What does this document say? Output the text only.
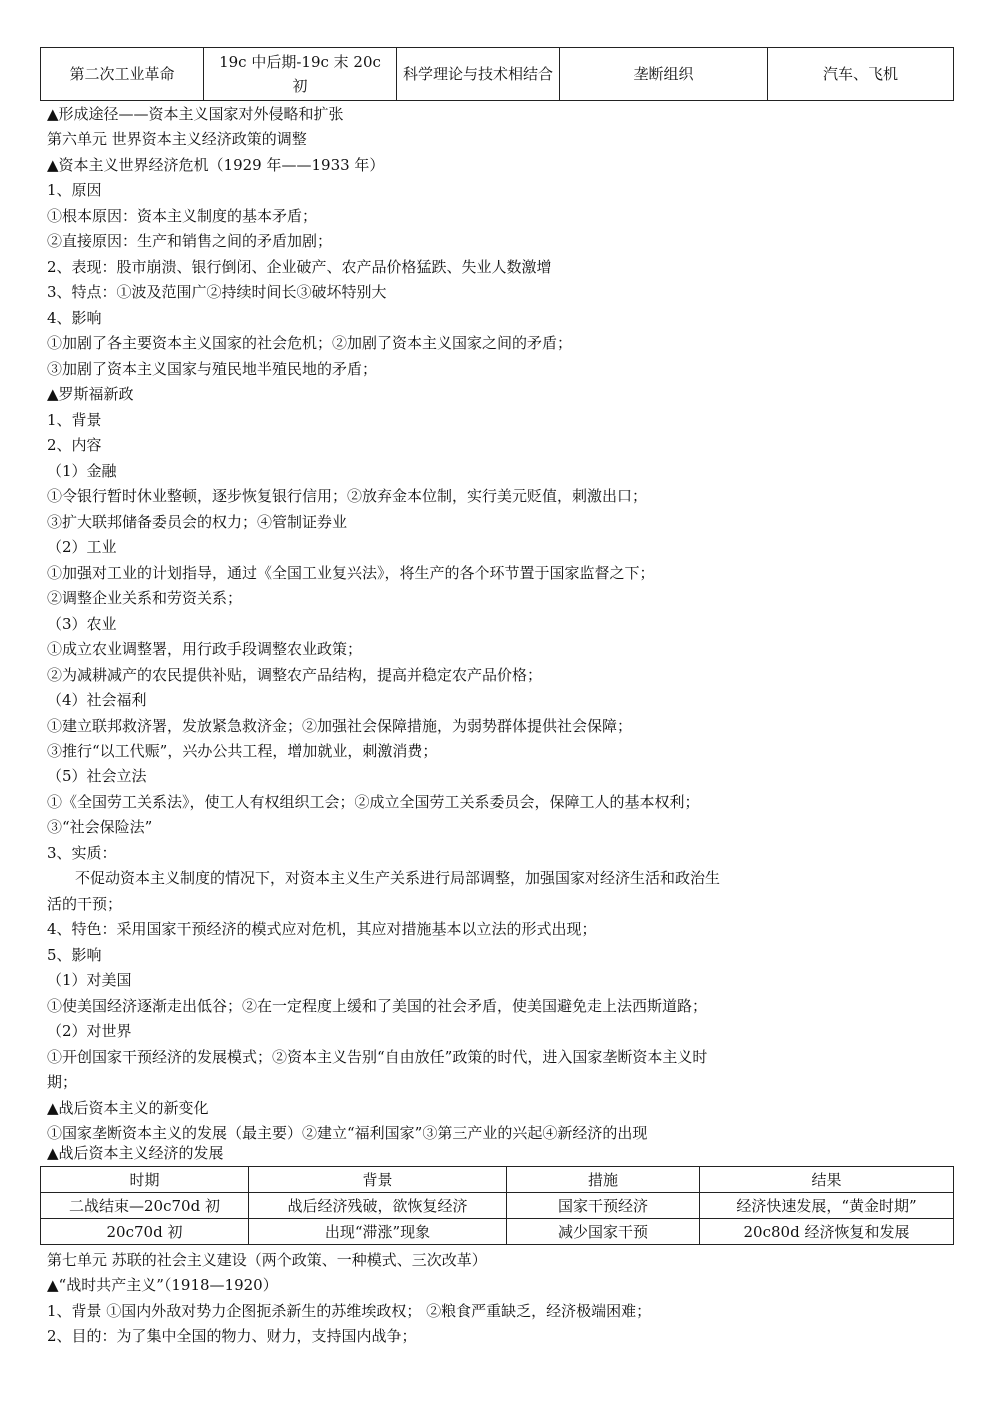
第二次工业革命	19c 中后期-19c 末 20c 初	科学理论与技术相结合	垄断组织	汽车、飞机
▲形成途径——资本主义国家对外侵略和扩张
第六单元 世界资本主义经济政策的调整
▲资本主义世界经济危机（1929 年——1933 年）
1、原因
①根本原因：资本主义制度的基本矛盾；
②直接原因：生产和销售之间的矛盾加剧；
2、表现：股市崩溃、银行倒闭、企业破产、农产品价格猛跌、失业人数激增
3、特点：①波及范围广②持续时间长③破坏特别大
4、影响
①加剧了各主要资本主义国家的社会危机；②加剧了资本主义国家之间的矛盾；
③加剧了资本主义国家与殖民地半殖民地的矛盾；
▲罗斯福新政
1、背景
2、内容
（1）金融
①令银行暂时休业整顿，逐步恢复银行信用；②放弃金本位制，实行美元贬值，刺激出口；
③扩大联邦储备委员会的权力；④管制证券业
（2）工业
①加强对工业的计划指导，通过《全国工业复兴法》，将生产的各个环节置于国家监督之下；
②调整企业关系和劳资关系；
（3）农业
①成立农业调整署，用行政手段调整农业政策；
②为减耕减产的农民提供补贴，调整农产品结构，提高并稳定农产品价格；
（4）社会福利
①建立联邦救济署，发放紧急救济金；②加强社会保障措施，为弱势群体提供社会保障；
③推行“以工代赈”，兴办公共工程，增加就业，刺激消费；
（5）社会立法
①《全国劳工关系法》，使工人有权组织工会；②成立全国劳工关系委员会，保障工人的基本权利；
③“社会保险法”
3、实质：
不促动资本主义制度的情况下，对资本主义生产关系进行局部调整，加强国家对经济生活和政治生
活的干预；
4、特色：采用国家干预经济的模式应对危机，其应对措施基本以立法的形式出现；
5、影响
（1）对美国
①使美国经济逐渐走出低谷；②在一定程度上缓和了美国的社会矛盾，使美国避免走上法西斯道路；
（2）对世界
①开创国家干预经济的发展模式；②资本主义告别“自由放任”政策的时代，进入国家垄断资本主义时
期；
▲战后资本主义的新变化
①国家垄断资本主义的发展（最主要）②建立“福利国家”③第三产业的兴起④新经济的出现
▲战后资本主义经济的发展
时期	背景	措施	结果
二战结束—20c70d 初	战后经济残破，欲恢复经济	国家干预经济	经济快速发展，“黄金时期”
20c70d 初	出现“滞涨”现象	减少国家干预	20c80d 经济恢复和发展
第七单元 苏联的社会主义建设（两个政策、一种模式、三次改革）
▲“战时共产主义”（1918—1920）
1、背景 ①国内外敌对势力企图扼杀新生的苏维埃政权； ②粮食严重缺乏，经济极端困难；
2、目的：为了集中全国的物力、财力，支持国内战争；
